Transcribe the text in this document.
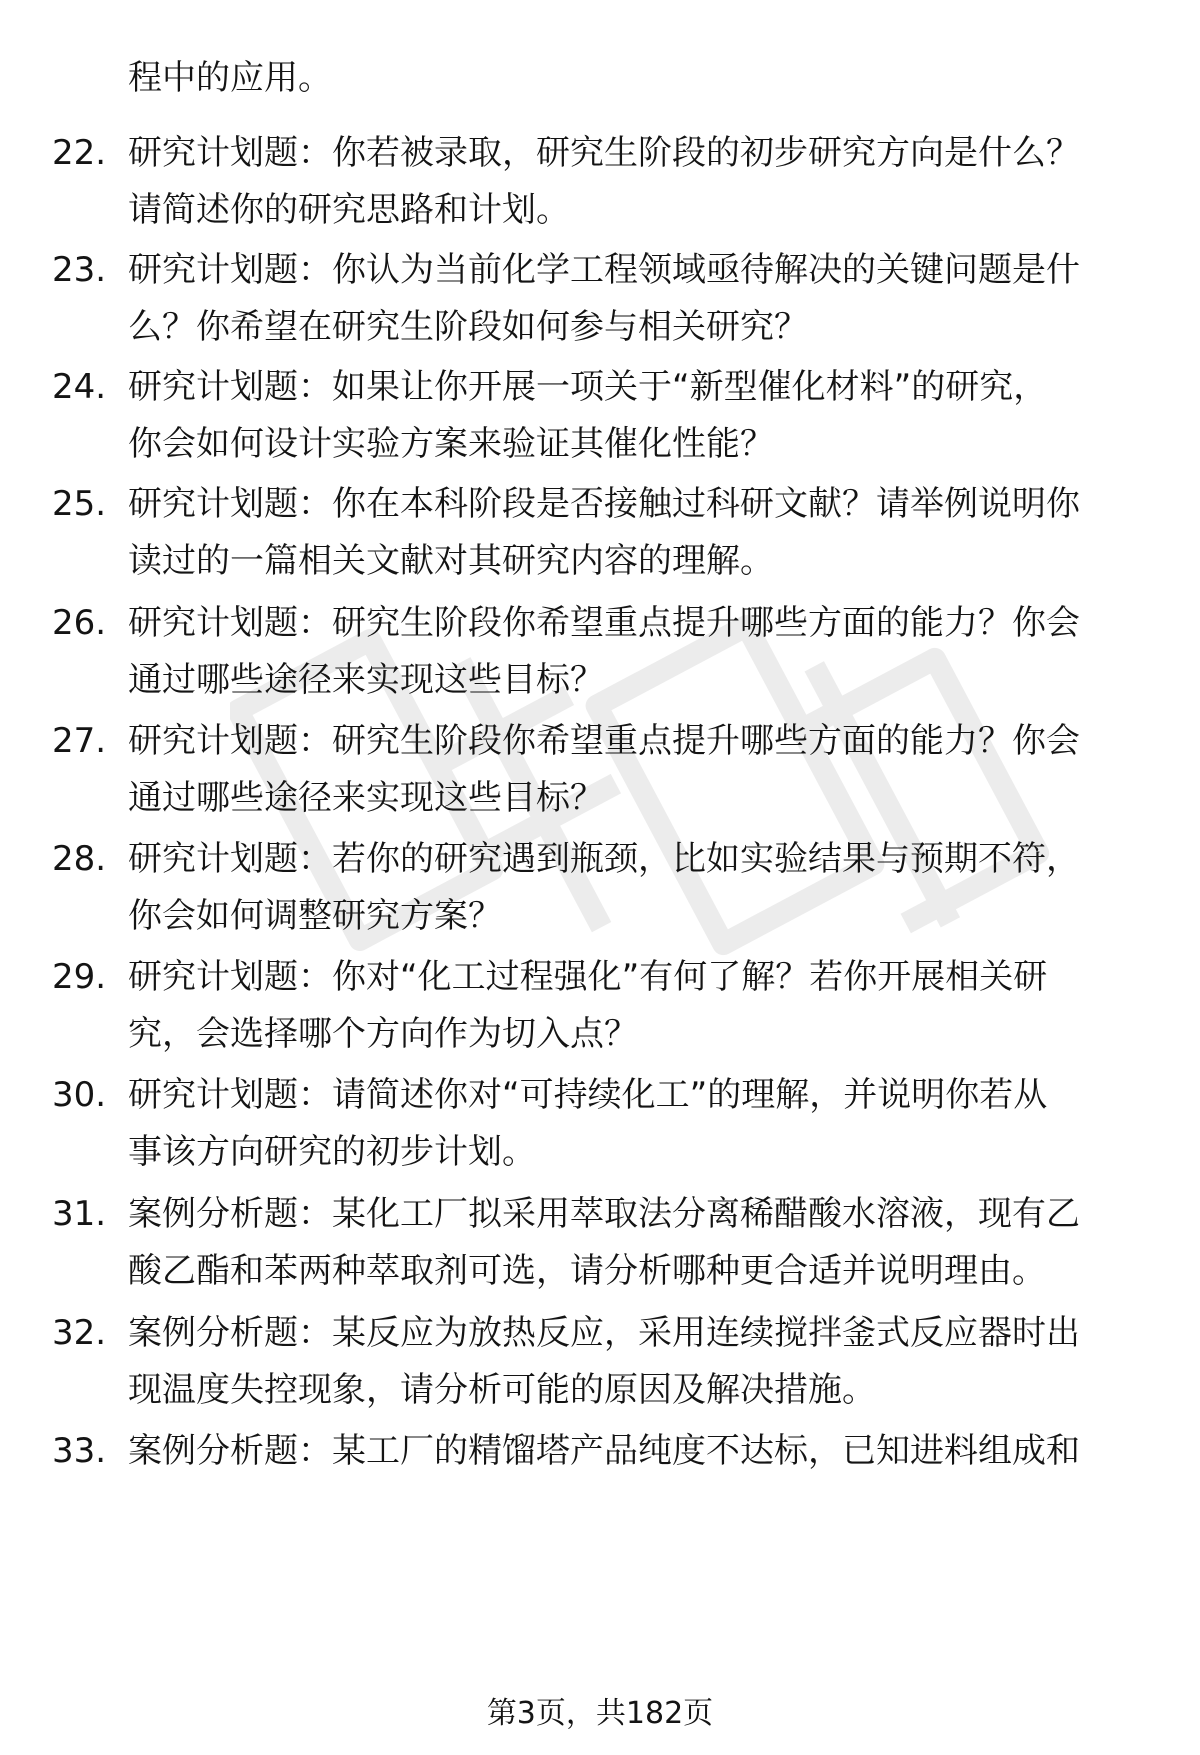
程中的应用。
22. 研究计划题：你若被录取，研究生阶段的初步研究方向是什么？
请简述你的研究思路和计划。
23. 研究计划题：你认为当前化学工程领域亟待解决的关键问题是什
么？你希望在研究生阶段如何参与相关研究？
24. 研究计划题：如果让你开展一项关于“新型催化材料”的研究，
你会如何设计实验方案来验证其催化性能？
25. 研究计划题：你在本科阶段是否接触过科研文献？请举例说明你
读过的一篇相关文献对其研究内容的理解。
26. 研究计划题：研究生阶段你希望重点提升哪些方面的能力？你会
通过哪些途径来实现这些目标？
27. 研究计划题：研究生阶段你希望重点提升哪些方面的能力？你会
通过哪些途径来实现这些目标？
28. 研究计划题：若你的研究遇到瓶颈，比如实验结果与预期不符，
你会如何调整研究方案？
29. 研究计划题：你对“化工过程强化”有何了解？若你开展相关研
究，会选择哪个方向作为切入点？
30. 研究计划题：请简述你对“可持续化工”的理解，并说明你若从
事该方向研究的初步计划。
31. 案例分析题：某化工厂拟采用萃取法分离稀醋酸水溶液，现有乙
酸乙酯和苯两种萃取剂可选，请分析哪种更合适并说明理由。
32. 案例分析题：某反应为放热反应，采用连续搅拌釜式反应器时出
现温度失控现象，请分析可能的原因及解决措施。
33. 案例分析题：某工厂的精馏塔产品纯度不达标，已知进料组成和
第3页，共182页
